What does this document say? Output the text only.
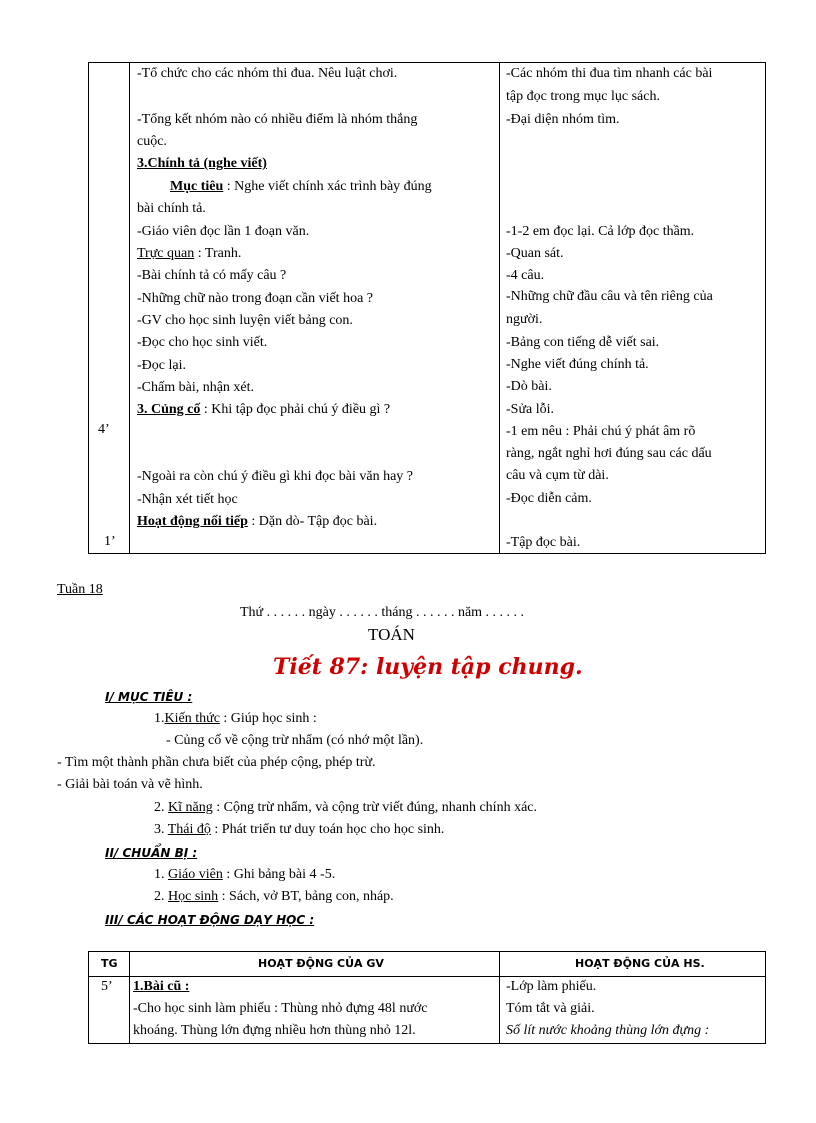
4’
1’
-Tổ chức cho các nhóm thi đua. Nêu luật chơi.
-Tổng kết nhóm nào có nhiều điểm là nhóm thắng
cuộc.
3.Chính tả (nghe viết)
Mục tiêu : Nghe viết chính xác trình bày đúng
bài chính tả.
-Giáo viên đọc lần 1 đoạn văn.
Trực quan : Tranh.
-Bài chính tả có mấy câu ?
-Những chữ nào trong đoạn cần viết hoa ?
-GV cho học sinh luyện viết bảng con.
-Đọc cho học sinh viết.
-Đọc lại.
-Chấm bài, nhận xét.
3. Củng cố : Khi tập đọc phải chú ý điều gì ?
-Ngoài ra còn chú ý điều gì khi đọc bài văn hay ?
-Nhận xét tiết học
Hoạt động nối tiếp : Dặn dò- Tập đọc bài.
-Các nhóm thi đua tìm nhanh các bài
tập đọc trong mục lục sách.
-Đại diện nhóm tìm.
-1-2 em đọc lại. Cả lớp đọc thầm.
-Quan sát.
-4 câu.
-Những chữ đầu câu và tên riêng của
người.
-Bảng con tiếng dễ viết sai.
-Nghe viết đúng chính tả.
-Dò bài.
-Sửa lỗi.
-1 em nêu : Phải chú ý phát âm rõ
ràng, ngắt nghỉ hơi đúng sau các dấu
câu và cụm từ dài.
-Đọc diễn cảm.
-Tập đọc bài.
Tuần 18
Thứ . . . . . . ngày . . . . . . tháng . . . . . . năm . . . . . .
TOÁN
Tiết 87: luyện tập chung.
I/ MỤC TIÊU :
1.Kiến thức : Giúp học sinh :
- Củng cố về cộng trừ nhẩm (có nhớ một lần).
- Tìm một thành phần chưa biết của phép cộng, phép trừ.
- Giải bài toán và vẽ hình.
2. Kĩ năng : Cộng trừ nhẩm, và cộng trừ viết đúng, nhanh chính xác.
3. Thái độ : Phát triển tư duy toán học cho học sinh.
II/ CHUẨN BỊ :
1. Giáo viên : Ghi bảng bài 4 -5.
2. Học sinh : Sách, vở BT, bảng con, nháp.
III/ CÁC HOẠT ĐỘNG DẠY HỌC :
TG	HOẠT ĐỘNG CỦA GV	HOẠT ĐỘNG CỦA HS.
5’ 1.Bài cũ :
-Cho học sinh làm phiếu : Thùng nhỏ đựng 48l nước
khoáng. Thùng lớn đựng nhiều hơn thùng nhỏ 12l.
-Lớp làm phiếu.
Tóm tắt và giải.
Số lít nước khoảng thùng lớn đựng :
